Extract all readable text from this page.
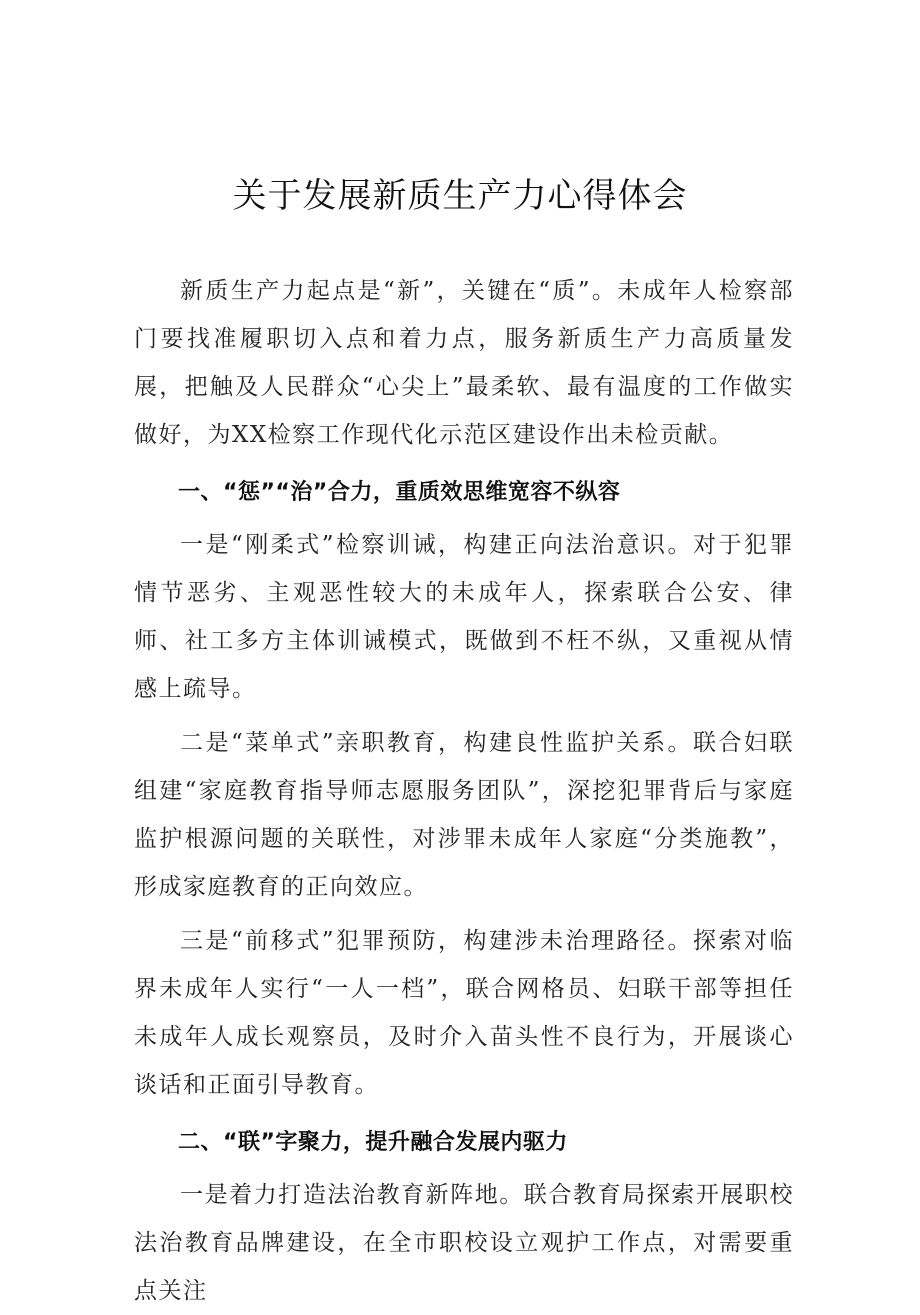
关于发展新质生产力心得体会

新质生产力起点是“新”，关键在“质”。未成年人检察部门要找准履职切入点和着力点，服务新质生产力高质量发展，把触及人民群众“心尖上”最柔软、最有温度的工作做实做好，为XX检察工作现代化示范区建设作出未检贡献。

一、“惩”“治”合力，重质效思维宽容不纵容

一是“刚柔式”检察训诫，构建正向法治意识。对于犯罪情节恶劣、主观恶性较大的未成年人，探索联合公安、律师、社工多方主体训诫模式，既做到不枉不纵，又重视从情感上疏导。

二是“菜单式”亲职教育，构建良性监护关系。联合妇联组建“家庭教育指导师志愿服务团队”，深挖犯罪背后与家庭监护根源问题的关联性，对涉罪未成年人家庭“分类施教”，形成家庭教育的正向效应。

三是“前移式”犯罪预防，构建涉未治理路径。探索对临界未成年人实行“一人一档”，联合网格员、妇联干部等担任未成年人成长观察员，及时介入苗头性不良行为，开展谈心谈话和正面引导教育。

二、“联”字聚力，提升融合发展内驱力

一是着力打造法治教育新阵地。联合教育局探索开展职校法治教育品牌建设，在全市职校设立观护工作点，对需要重点关注
